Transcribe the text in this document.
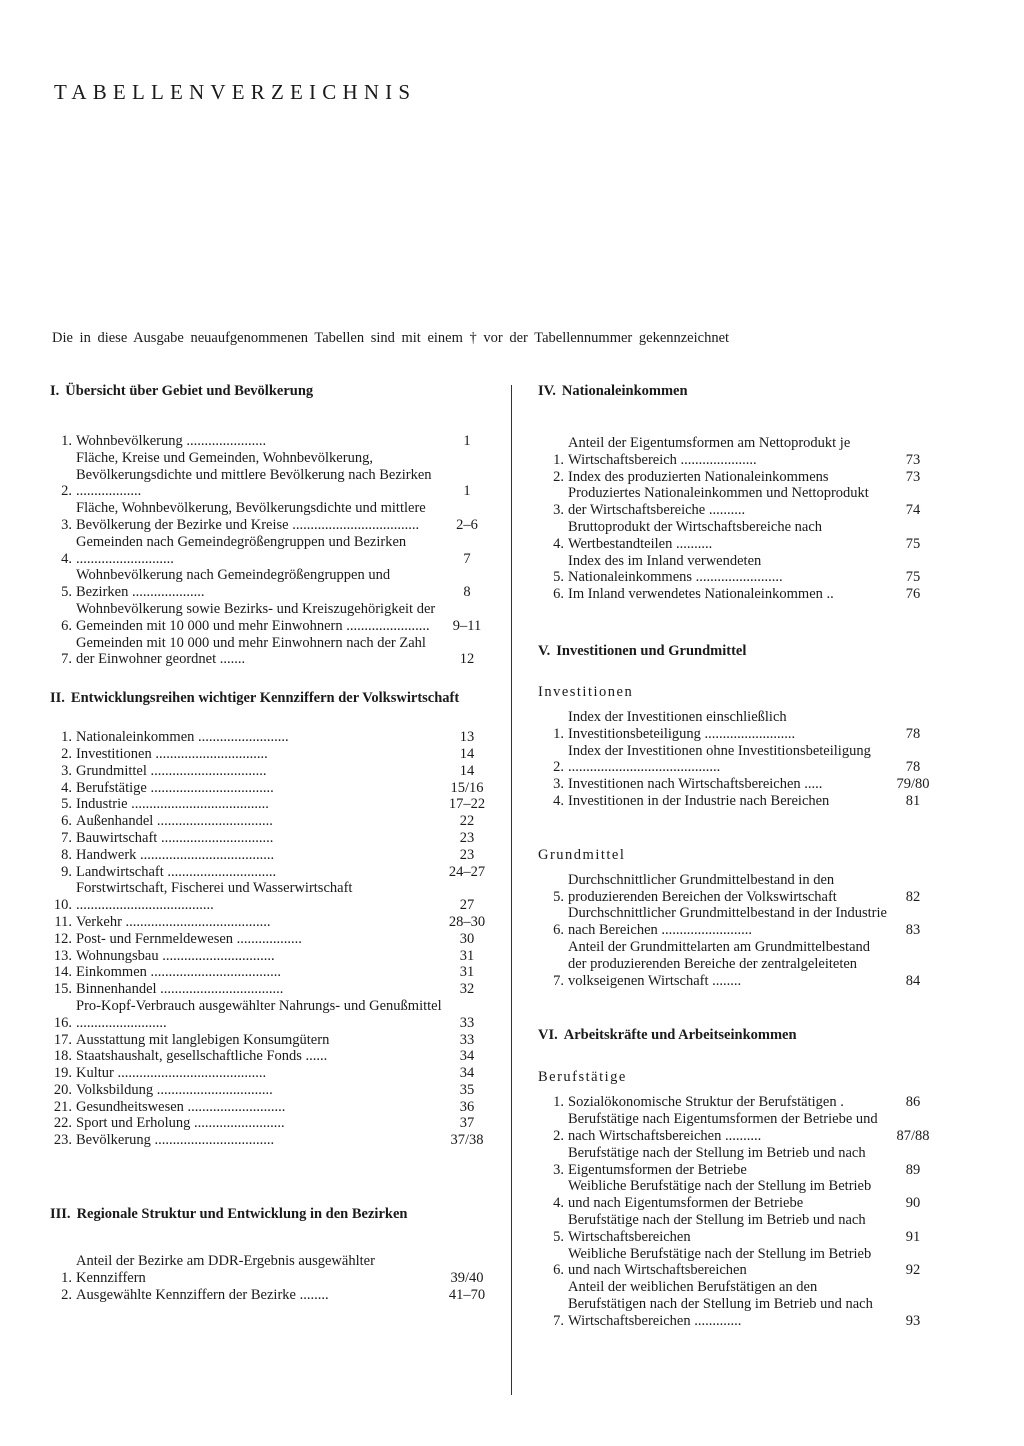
TABELLENVERZEICHNIS
Die in diese Ausgabe neuaufgenommenen Tabellen sind mit einem † vor der Tabellennummer gekennzeichnet

I. Übersicht über Gebiet und Bevölkerung

1. Wohnbevölkerung ......................	1
2.
Fläche, Kreise und Gemeinden, Wohnbevölkerung, Bevölkerungsdichte und mittlere Bevölkerung nach Bezirken ..................	1
3.
Fläche, Wohnbevölkerung, Bevölkerungsdichte und mittlere Bevölkerung der Bezirke und Kreise ...................................	2–6
4.
Gemeinden nach Gemeindegrößengruppen und Bezirken ...........................	7
5.
Wohnbevölkerung nach Gemeindegrößengruppen und Bezirken ....................	8
6.
Wohnbevölkerung sowie Bezirks- und Kreiszugehörigkeit der Gemeinden mit 10 000 und mehr Einwohnern .......................	9–11
7.
Gemeinden mit 10 000 und mehr Einwohnern nach der Zahl der Einwohner geordnet .......	12

II. Entwicklungsreihen wichtiger Kennziffern der Volkswirtschaft

1. Nationaleinkommen .........................	13
2. Investitionen ...............................	14
3. Grundmittel ................................	14
4. Berufstätige ..................................	15/16
5. Industrie ......................................	17–22
6. Außenhandel ................................	22
7. Bauwirtschaft ...............................	23
8. Handwerk .....................................	23
9. Landwirtschaft ..............................	24–27
10.
Forstwirtschaft, Fischerei und Wasserwirtschaft ......................................	27
11. Verkehr ........................................	28–30
12. Post- und Fernmeldewesen ..................	30
13. Wohnungsbau ...............................	31
14. Einkommen ....................................	31
15. Binnenhandel ..................................	32
16.
Pro-Kopf-Verbrauch ausgewählter Nahrungs- und Genußmittel .........................	33
17. Ausstattung mit langlebigen Konsumgütern	33
18. Staatshaushalt, gesellschaftliche Fonds ......	34
19. Kultur .........................................	34
20. Volksbildung ................................	35
21. Gesundheitswesen ...........................	36
22. Sport und Erholung .........................	37
23. Bevölkerung .................................	37/38

III. Regionale Struktur und Entwicklung in den Bezirken

1.
Anteil der Bezirke am DDR-Ergebnis ausgewählter Kennziffern	39/40
2. Ausgewählte Kennziffern der Bezirke ........	41–70

IV. Nationaleinkommen

1.
Anteil der Eigentumsformen am Nettoprodukt je Wirtschaftsbereich .....................	73
2. Index des produzierten Nationaleinkommens	73
3.
Produziertes Nationaleinkommen und Nettoprodukt der Wirtschaftsbereiche ..........	74
4.
Bruttoprodukt der Wirtschaftsbereiche nach Wertbestandteilen ..........	75
5.
Index des im Inland verwendeten Nationaleinkommens ........................	75
6. Im Inland verwendetes Nationaleinkommen ..	76

V. Investitionen und Grundmittel

Investitionen

1.
Index der Investitionen einschließlich Investitionsbeteiligung .........................	78
2.
Index der Investitionen ohne Investitionsbeteiligung ..........................................	78
3. Investitionen nach Wirtschaftsbereichen .....	79/80
4. Investitionen in der Industrie nach Bereichen	81

Grundmittel

5.
Durchschnittlicher Grundmittelbestand in den produzierenden Bereichen der Volkswirtschaft	82
6.
Durchschnittlicher Grundmittelbestand in der Industrie nach Bereichen .........................	83
7.
Anteil der Grundmittelarten am Grundmittelbestand der produzierenden Bereiche der zentralgeleiteten volkseigenen Wirtschaft ........	84

VI. Arbeitskräfte und Arbeitseinkommen

Berufstätige

1. Sozialökonomische Struktur der Berufstätigen .	86
2.
Berufstätige nach Eigentumsformen der Betriebe und nach Wirtschaftsbereichen ..........	87/88
3.
Berufstätige nach der Stellung im Betrieb und nach Eigentumsformen der Betriebe	89
4.
Weibliche Berufstätige nach der Stellung im Betrieb und nach Eigentumsformen der Betriebe	90
5.
Berufstätige nach der Stellung im Betrieb und nach Wirtschaftsbereichen	91
6.
Weibliche Berufstätige nach der Stellung im Betrieb und nach Wirtschaftsbereichen	92
7.
Anteil der weiblichen Berufstätigen an den Berufstätigen nach der Stellung im Betrieb und nach Wirtschaftsbereichen .............	93
